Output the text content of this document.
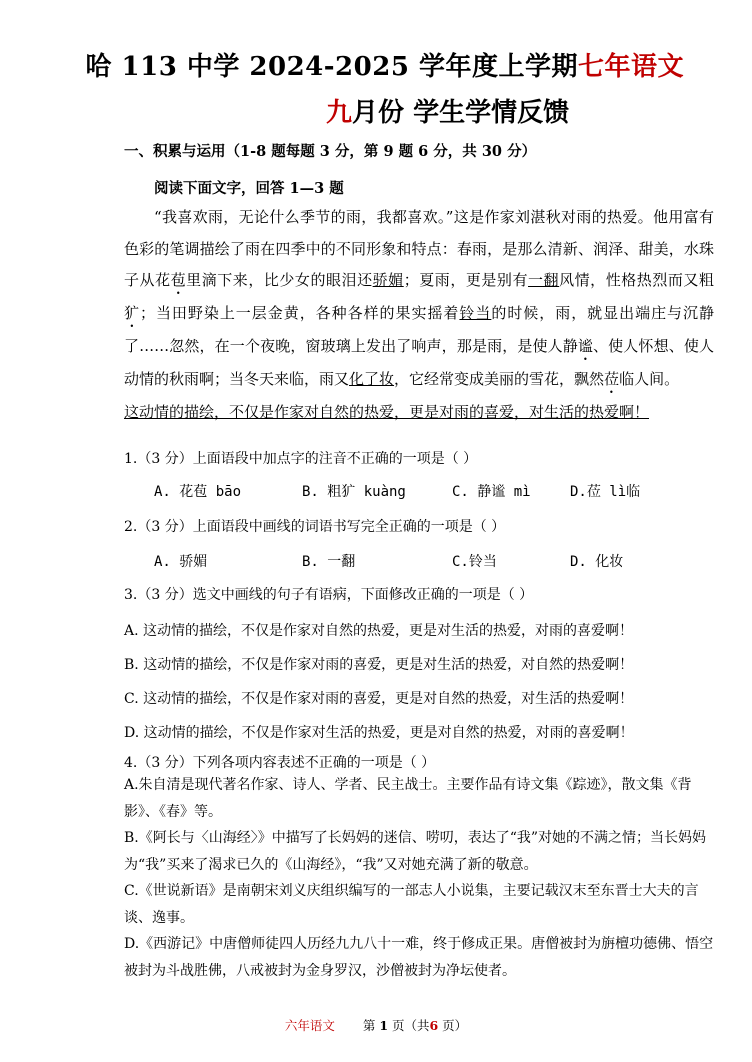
哈 113 中学 2024-2025 学年度上学期七年语文
九月份 学生学情反馈
一、积累与运用（1-8 题每题 3 分，第 9 题 6 分，共 30 分）
阅读下面文字，回答 1—3 题
“我喜欢雨，无论什么季节的雨，我都喜欢。”这是作家刘湛秋对雨的热爱。他用富有色彩的笔调描绘了雨在四季中的不同形象和特点：春雨，是那么清新、润泽、甜美，水珠子从花苞里滴下来，比少女的眼泪还骄媚；夏雨，更是别有一翻风情，性格热烈而又粗犷；当田野染上一层金黄，各种各样的果实摇着铃当的时候，雨，就显出端庄与沉静了……忽然，在一个夜晚，窗玻璃上发出了响声，那是雨，是使人静谧、使人怀想、使人动情的秋雨啊；当冬天来临，雨又化了妆，它经常变成美丽的雪花，飘然莅临人间。
这动情的描绘，不仅是作家对自然的热爱，更是对雨的喜爱，对生活的热爱啊！
1.（3 分）上面语段中加点字的注音不正确的一项是（ ）
A. 花苞 bāo	B. 粗犷 kuàng	C. 静谧 mì	D.莅 lì临
2.（3 分）上面语段中画线的词语书写完全正确的一项是（ ）
A. 骄媚	B. 一翻	C.铃当	D. 化妆
3.（3 分）选文中画线的句子有语病，下面修改正确的一项是（ ）
A. 这动情的描绘，不仅是作家对自然的热爱，更是对生活的热爱，对雨的喜爱啊！
B. 这动情的描绘，不仅是作家对雨的喜爱，更是对生活的热爱，对自然的热爱啊！
C. 这动情的描绘，不仅是作家对雨的喜爱，更是对自然的热爱，对生活的热爱啊！
D. 这动情的描绘，不仅是作家对生活的热爱，更是对自然的热爱，对雨的喜爱啊！
4.（3 分）下列各项内容表述不正确的一项是（ ）
A.朱自清是现代著名作家、诗人、学者、民主战士。主要作品有诗文集《踪迹》，散文集《背影》、《春》等。
B.《阿长与〈山海经〉》中描写了长妈妈的迷信、唠叨，表达了“我”对她的不满之情；当长妈妈为“我”买来了渴求已久的《山海经》，“我”又对她充满了新的敬意。
C.《世说新语》是南朝宋刘义庆组织编写的一部志人小说集，主要记载汉末至东晋士大夫的言谈、逸事。
D.《西游记》中唐僧师徒四人历经九九八十一难，终于修成正果。唐僧被封为旃檀功德佛、悟空被封为斗战胜佛，八戒被封为金身罗汉，沙僧被封为净坛使者。
六年语文 第 1 页（共6 页）
